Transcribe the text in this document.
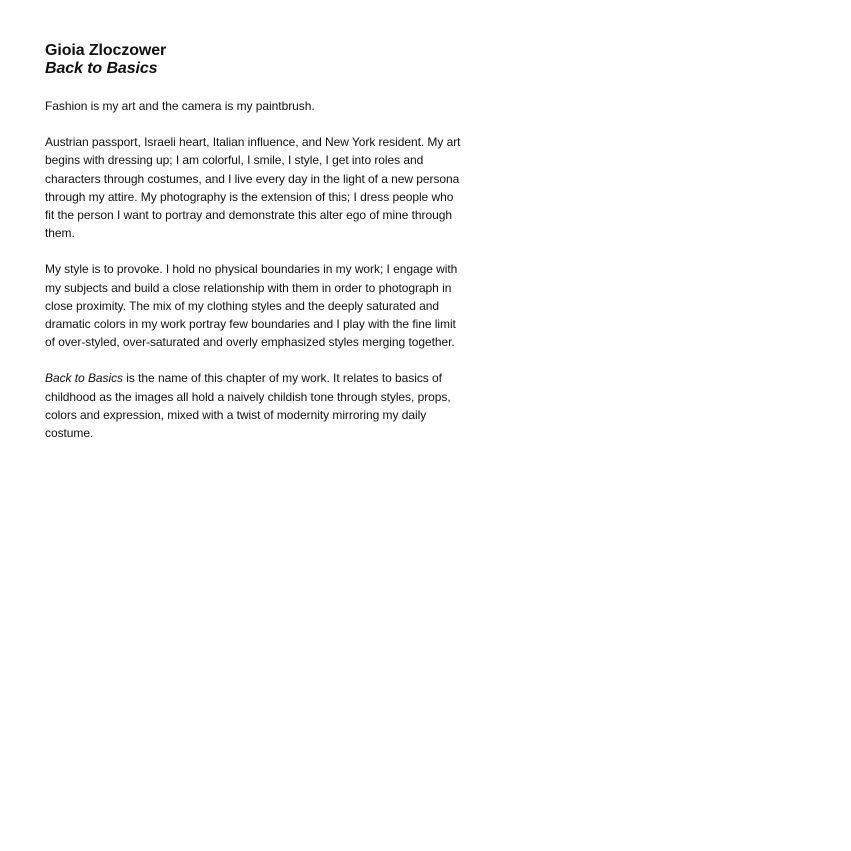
Gioia Zloczower
Back to Basics

Fashion is my art and the camera is my paintbrush.

Austrian passport, Israeli heart, Italian influence, and New York resident. My art begins with dressing up; I am colorful, I smile, I style, I get into roles and characters through costumes, and I live every day in the light of a new persona through my attire. My photography is the extension of this; I dress people who fit the person I want to portray and demonstrate this alter ego of mine through them.

My style is to provoke. I hold no physical boundaries in my work; I engage with my subjects and build a close relationship with them in order to photograph in close proximity. The mix of my clothing styles and the deeply saturated and dramatic colors in my work portray few boundaries and I play with the fine limit of over-styled, over-saturated and overly emphasized styles merging together.

Back to Basics is the name of this chapter of my work. It relates to basics of childhood as the images all hold a naively childish tone through styles, props, colors and expression, mixed with a twist of modernity mirroring my daily costume.
